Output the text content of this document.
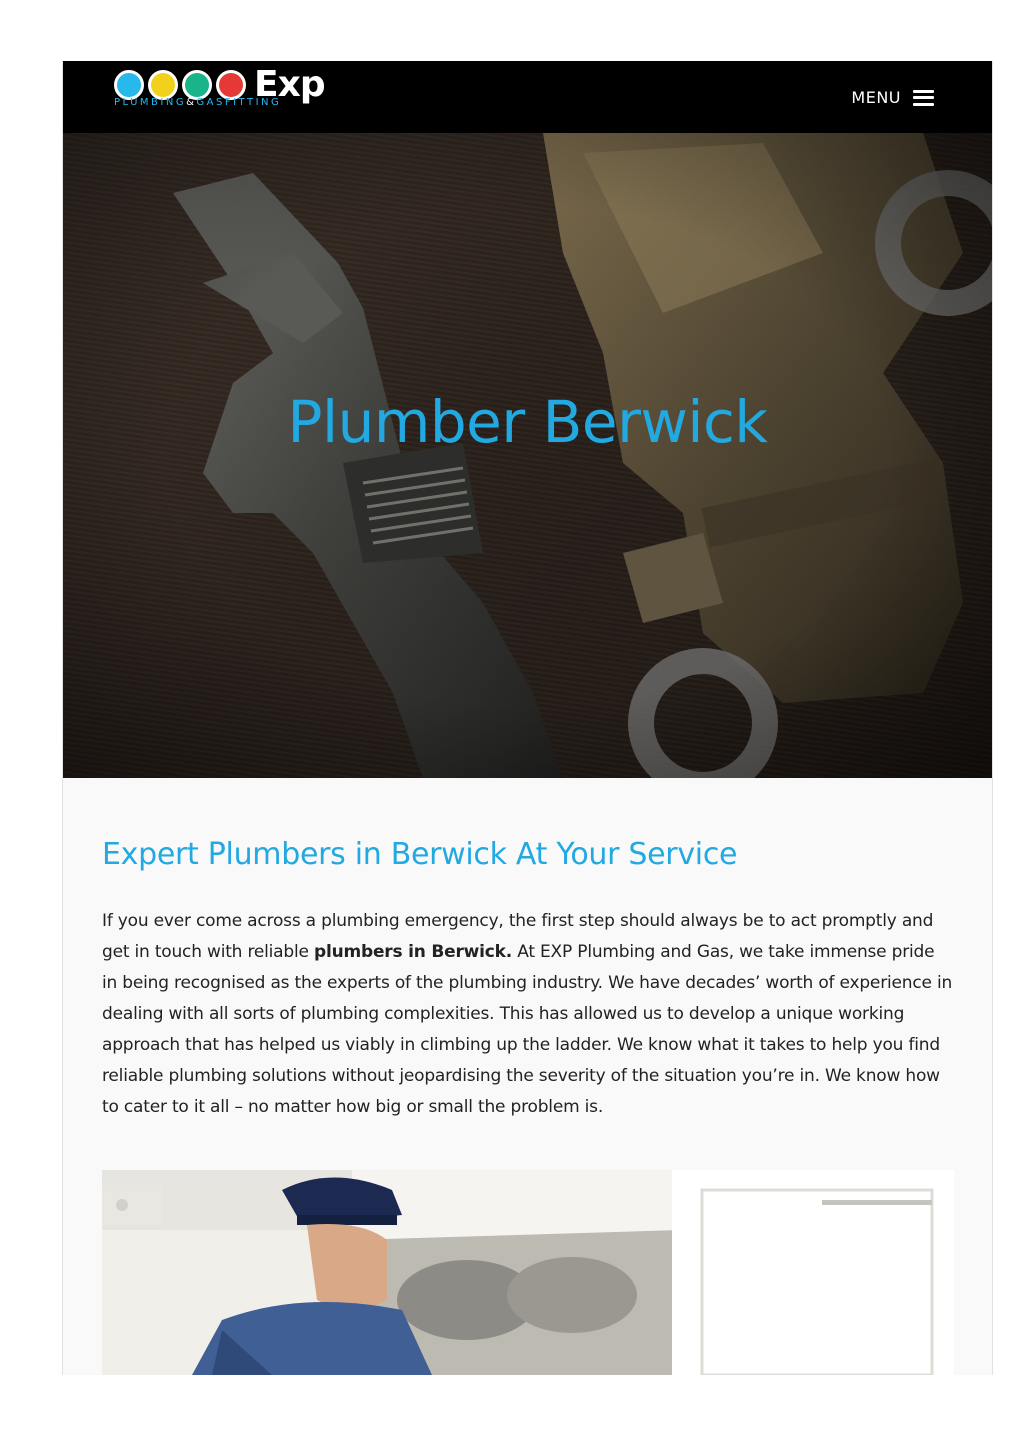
Exp
PLUMBING&GASFITTING	MENU
Plumber Berwick
Expert Plumbers in Berwick At Your Service

If you ever come across a plumbing emergency, the first step should always be to act promptly and get in touch with reliable plumbers in Berwick. At EXP Plumbing and Gas, we take immense pride in being recognised as the experts of the plumbing industry. We have decades’ worth of experience in dealing with all sorts of plumbing complexities. This has allowed us to develop a unique working approach that has helped us viably in climbing up the ladder. We know what it takes to help you find reliable plumbing solutions without jeopardising the severity of the situation you’re in. We know how to cater to it all – no matter how big or small the problem is.
